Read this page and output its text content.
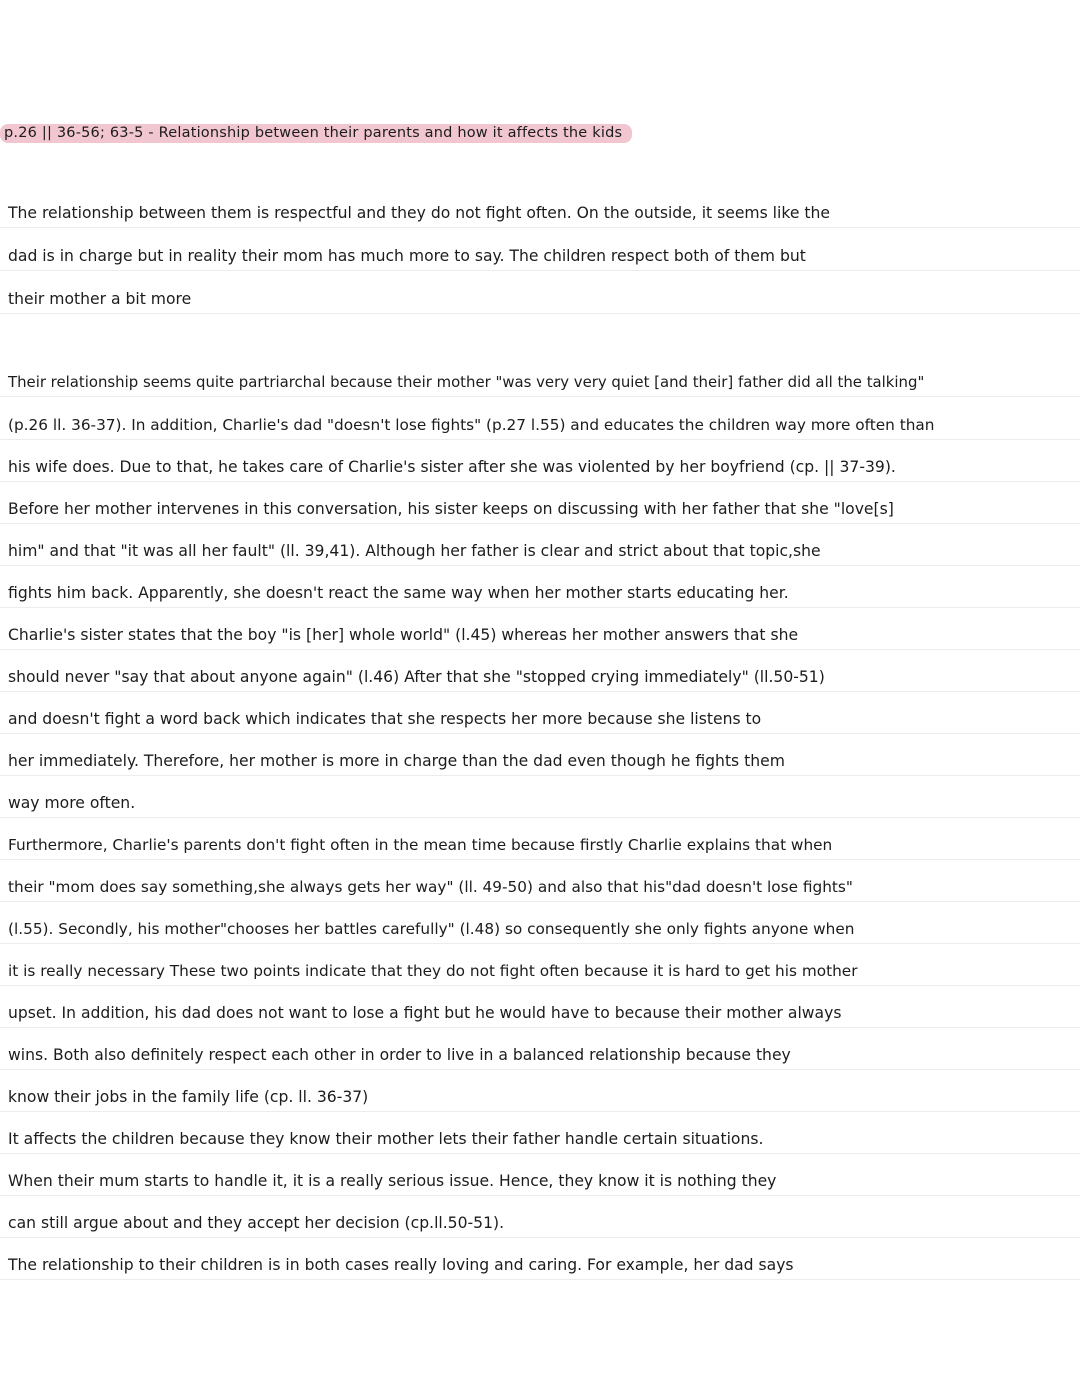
p.26 || 36-56; 63-5 - Relationship between their parents and how it affects the kids
The relationship between them is respectful and they do not fight often. On the outside, it seems like the
dad is in charge but in reality their mom has much more to say. The children respect both of them but
their mother a bit more
Their relationship seems quite partriarchal because their mother "was very very quiet [and their] father did all the talking"
(p.26 ll. 36-37). In addition, Charlie's dad "doesn't lose fights" (p.27 l.55) and educates the children way more often than
his wife does. Due to that, he takes care of Charlie's sister after she was violented by her boyfriend (cp. || 37-39).
Before her mother intervenes in this conversation, his sister keeps on discussing with her father that she "love[s]
him" and that "it was all her fault" (ll. 39,41). Although her father is clear and strict about that topic,she
fights him back. Apparently, she doesn't react the same way when her mother starts educating her.
Charlie's sister states that the boy "is [her] whole world" (l.45) whereas her mother answers that she
should never "say that about anyone again" (l.46) After that she "stopped crying immediately" (ll.50-51)
and doesn't fight a word back which indicates that she respects her more because she listens to
her immediately. Therefore, her mother is more in charge than the dad even though he fights them
way more often.
Furthermore, Charlie's parents don't fight often in the mean time because firstly Charlie explains that when
their "mom does say something,she always gets her way" (ll. 49-50) and also that his"dad doesn't lose fights"
(l.55). Secondly, his mother"chooses her battles carefully" (l.48) so consequently she only fights anyone when
it is really necessary These two points indicate that they do not fight often because it is hard to get his mother
upset. In addition, his dad does not want to lose a fight but he would have to because their mother always
wins. Both also definitely respect each other in order to live in a balanced relationship because they
know their jobs in the family life (cp. ll. 36-37)
It affects the children because they know their mother lets their father handle certain situations.
When their mum starts to handle it, it is a really serious issue. Hence, they know it is nothing they
can still argue about and they accept her decision (cp.ll.50-51).
The relationship to their children is in both cases really loving and caring. For example, her dad says
